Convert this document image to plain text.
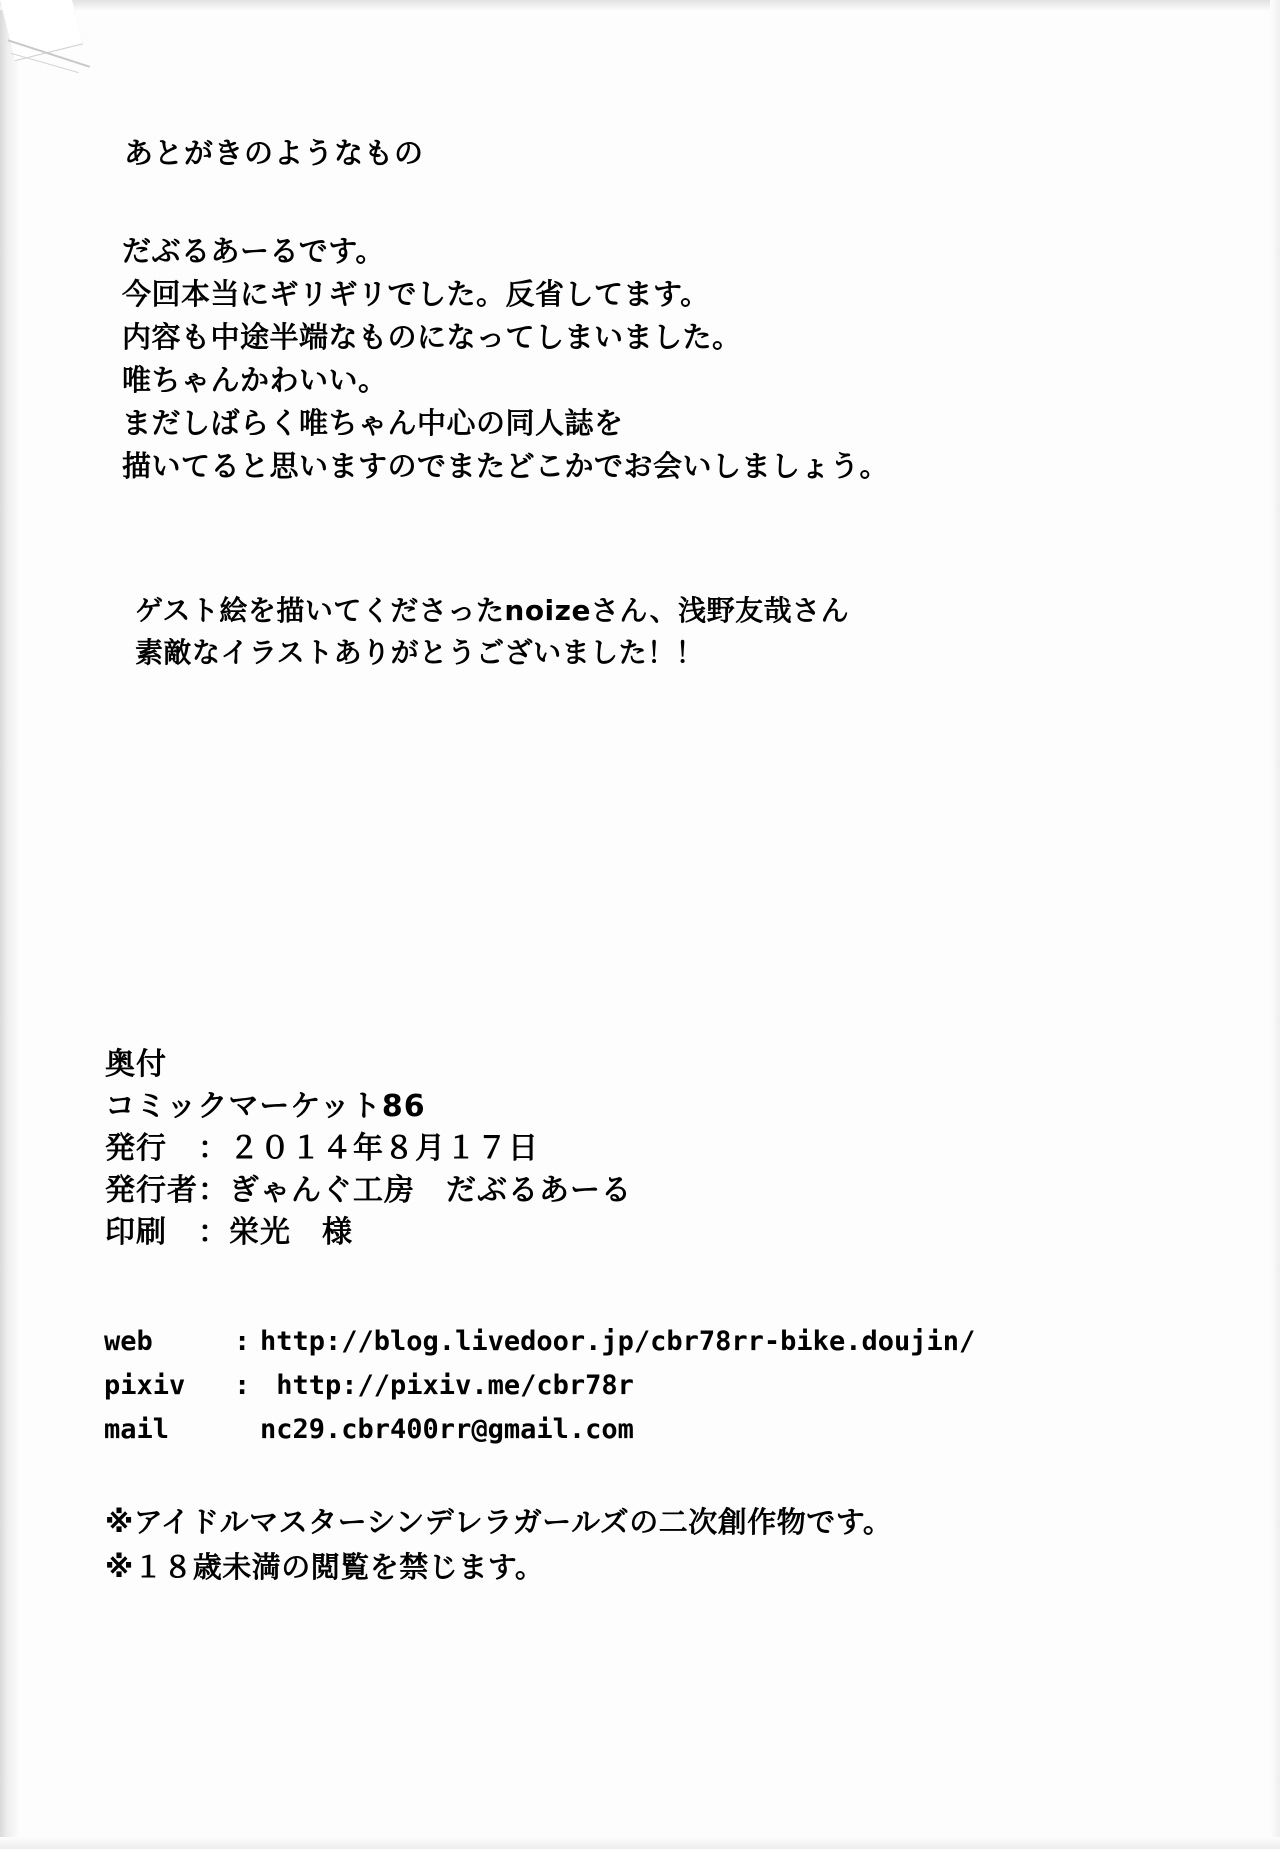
あとがきのようなもの
だぶるあーるです。
今回本当にギリギリでした。反省してます。
内容も中途半端なものになってしまいました。
唯ちゃんかわいい。
まだしばらく唯ちゃん中心の同人誌を
描いてると思いますのでまたどこかでお会いしましょう。
ゲスト絵を描いてくださったnoizeさん、浅野友哉さん
素敵なイラストありがとうございました！！
奥付
コミックマーケット86
発行　：２０１４年８月１７日
発行者：ぎゃんぐ工房　だぶるあーる
印刷　：栄光　様
web	: http://blog.livedoor.jp/cbr78rr-bike.doujin/
pixiv : http://pixiv.me/cbr78r
mail	nc29.cbr400rr@gmail.com
※アイドルマスターシンデレラガールズの二次創作物です。
※１８歳未満の閲覧を禁じます。
